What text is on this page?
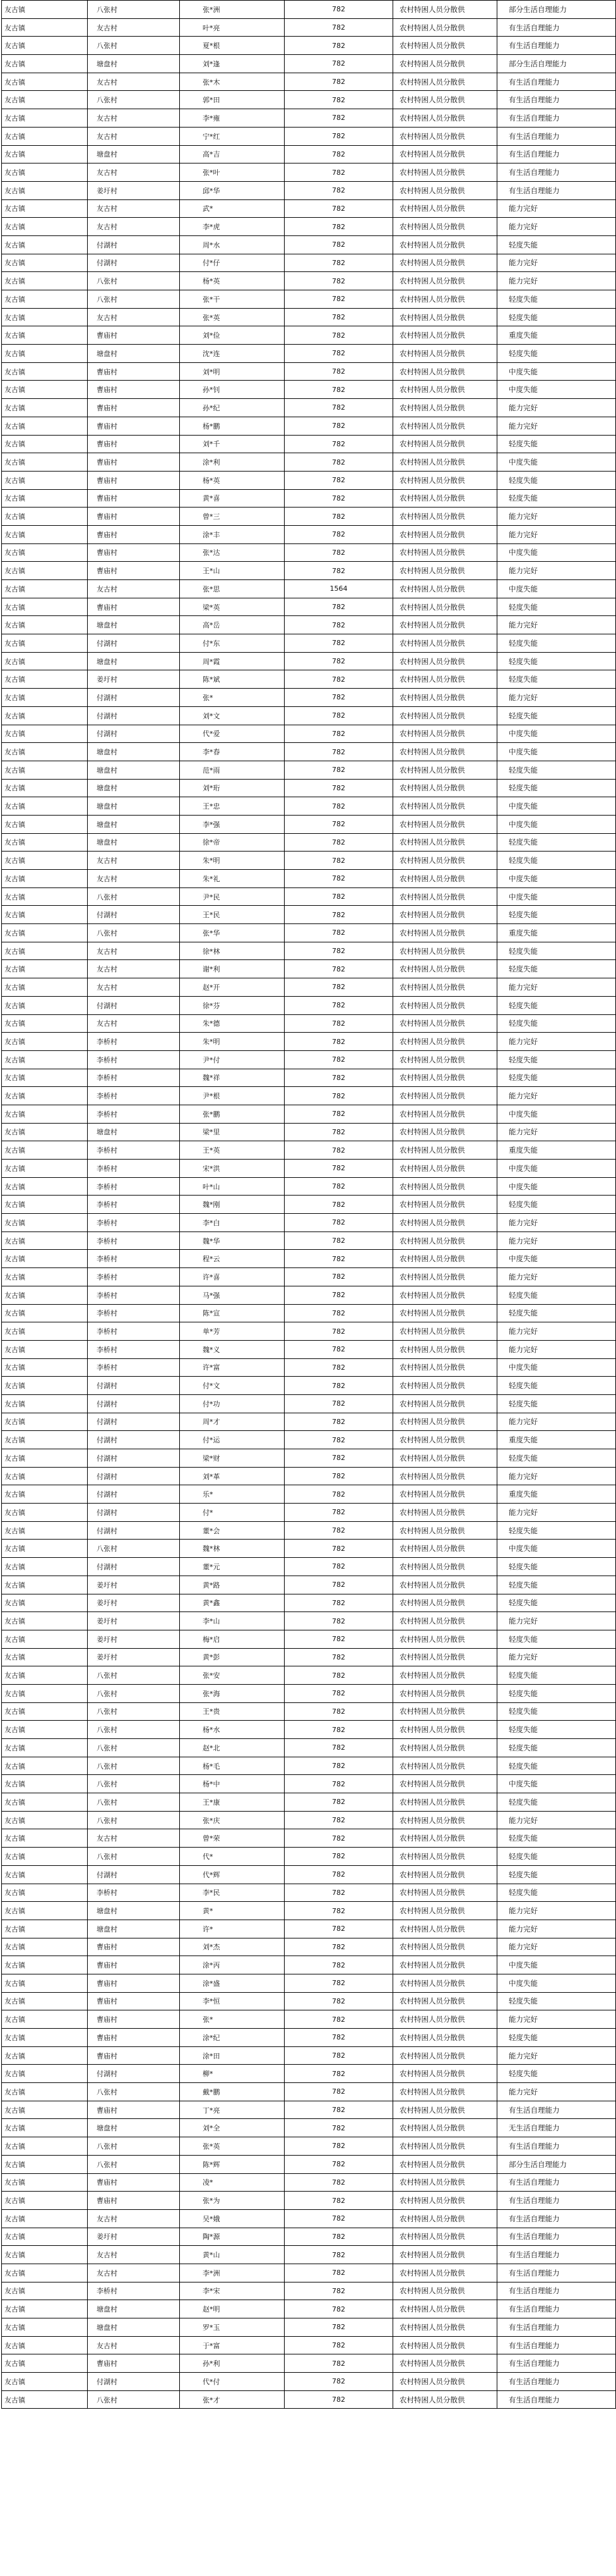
友古镇	八张村	张*洲	782	农村特困人员分散供	部分生活自理能力
友古镇	友古村	叶*亮	782	农村特困人员分散供	有生活自理能力
友古镇	八张村	夏*根	782	农村特困人员分散供	有生活自理能力
友古镇	塘盘村	刘*逢	782	农村特困人员分散供	部分生活自理能力
友古镇	友古村	张*木	782	农村特困人员分散供	有生活自理能力
友古镇	八张村	郭*田	782	农村特困人员分散供	有生活自理能力
友古镇	友古村	李*雍	782	农村特困人员分散供	有生活自理能力
友古镇	友古村	宁*红	782	农村特困人员分散供	有生活自理能力
友古镇	塘盘村	高*吉	782	农村特困人员分散供	有生活自理能力
友古镇	友古村	张*叶	782	农村特困人员分散供	有生活自理能力
友古镇	姜圩村	邱*华	782	农村特困人员分散供	有生活自理能力
友古镇	友古村	武*	782	农村特困人员分散供	能力完好
友古镇	友古村	李*虎	782	农村特困人员分散供	能力完好
友古镇	付湖村	周*水	782	农村特困人员分散供	轻度失能
友古镇	付湖村	付*仔	782	农村特困人员分散供	能力完好
友古镇	八张村	杨*英	782	农村特困人员分散供	能力完好
友古镇	八张村	张*干	782	农村特困人员分散供	轻度失能
友古镇	友古村	张*英	782	农村特困人员分散供	轻度失能
友古镇	曹庙村	刘*俭	782	农村特困人员分散供	重度失能
友古镇	塘盘村	沈*连	782	农村特困人员分散供	轻度失能
友古镇	曹庙村	刘*明	782	农村特困人员分散供	中度失能
友古镇	曹庙村	孙*钊	782	农村特困人员分散供	中度失能
友古镇	曹庙村	孙*纪	782	农村特困人员分散供	能力完好
友古镇	曹庙村	杨*鹏	782	农村特困人员分散供	能力完好
友古镇	曹庙村	刘*千	782	农村特困人员分散供	轻度失能
友古镇	曹庙村	涂*利	782	农村特困人员分散供	中度失能
友古镇	曹庙村	杨*英	782	农村特困人员分散供	轻度失能
友古镇	曹庙村	黄*喜	782	农村特困人员分散供	轻度失能
友古镇	曹庙村	曾*三	782	农村特困人员分散供	能力完好
友古镇	曹庙村	涂*丰	782	农村特困人员分散供	能力完好
友古镇	曹庙村	张*达	782	农村特困人员分散供	中度失能
友古镇	曹庙村	王*山	782	农村特困人员分散供	能力完好
友古镇	友古村	张*思	1564	农村特困人员分散供	中度失能
友古镇	曹庙村	梁*英	782	农村特困人员分散供	轻度失能
友古镇	塘盘村	高*岳	782	农村特困人员分散供	能力完好
友古镇	付湖村	付*东	782	农村特困人员分散供	轻度失能
友古镇	塘盘村	周*霞	782	农村特困人员分散供	轻度失能
友古镇	姜圩村	陈*斌	782	农村特困人员分散供	轻度失能
友古镇	付湖村	张*	782	农村特困人员分散供	能力完好
友古镇	付湖村	刘*文	782	农村特困人员分散供	轻度失能
友古镇	付湖村	代*爱	782	农村特困人员分散供	中度失能
友古镇	塘盘村	李*春	782	农村特困人员分散供	中度失能
友古镇	塘盘村	范*雨	782	农村特困人员分散供	轻度失能
友古镇	塘盘村	刘*珩	782	农村特困人员分散供	轻度失能
友古镇	塘盘村	王*忠	782	农村特困人员分散供	中度失能
友古镇	塘盘村	李*强	782	农村特困人员分散供	中度失能
友古镇	塘盘村	徐*帝	782	农村特困人员分散供	轻度失能
友古镇	友古村	朱*明	782	农村特困人员分散供	轻度失能
友古镇	友古村	朱*礼	782	农村特困人员分散供	中度失能
友古镇	八张村	尹*民	782	农村特困人员分散供	中度失能
友古镇	付湖村	王*民	782	农村特困人员分散供	轻度失能
友古镇	八张村	张*华	782	农村特困人员分散供	重度失能
友古镇	友古村	徐*林	782	农村特困人员分散供	轻度失能
友古镇	友古村	谢*利	782	农村特困人员分散供	轻度失能
友古镇	友古村	赵*开	782	农村特困人员分散供	能力完好
友古镇	付湖村	徐*芬	782	农村特困人员分散供	轻度失能
友古镇	友古村	朱*德	782	农村特困人员分散供	轻度失能
友古镇	李桥村	朱*明	782	农村特困人员分散供	能力完好
友古镇	李桥村	尹*付	782	农村特困人员分散供	轻度失能
友古镇	李桥村	魏*祥	782	农村特困人员分散供	轻度失能
友古镇	李桥村	尹*根	782	农村特困人员分散供	能力完好
友古镇	李桥村	张*鹏	782	农村特困人员分散供	中度失能
友古镇	塘盘村	梁*里	782	农村特困人员分散供	能力完好
友古镇	李桥村	王*英	782	农村特困人员分散供	重度失能
友古镇	李桥村	宋*洪	782	农村特困人员分散供	中度失能
友古镇	李桥村	叶*山	782	农村特困人员分散供	中度失能
友古镇	李桥村	魏*刚	782	农村特困人员分散供	轻度失能
友古镇	李桥村	李*白	782	农村特困人员分散供	能力完好
友古镇	李桥村	魏*华	782	农村特困人员分散供	能力完好
友古镇	李桥村	程*云	782	农村特困人员分散供	中度失能
友古镇	李桥村	许*喜	782	农村特困人员分散供	能力完好
友古镇	李桥村	马*强	782	农村特困人员分散供	轻度失能
友古镇	李桥村	陈*宣	782	农村特困人员分散供	轻度失能
友古镇	李桥村	单*芳	782	农村特困人员分散供	能力完好
友古镇	李桥村	魏*义	782	农村特困人员分散供	能力完好
友古镇	李桥村	许*富	782	农村特困人员分散供	中度失能
友古镇	付湖村	付*文	782	农村特困人员分散供	轻度失能
友古镇	付湖村	付*功	782	农村特困人员分散供	轻度失能
友古镇	付湖村	周*才	782	农村特困人员分散供	能力完好
友古镇	付湖村	付*运	782	农村特困人员分散供	重度失能
友古镇	付湖村	梁*财	782	农村特困人员分散供	轻度失能
友古镇	付湖村	刘*革	782	农村特困人员分散供	能力完好
友古镇	付湖村	乐*	782	农村特困人员分散供	重度失能
友古镇	付湖村	付*	782	农村特困人员分散供	能力完好
友古镇	付湖村	董*会	782	农村特困人员分散供	轻度失能
友古镇	八张村	魏*林	782	农村特困人员分散供	中度失能
友古镇	付湖村	董*元	782	农村特困人员分散供	轻度失能
友古镇	姜圩村	黄*路	782	农村特困人员分散供	轻度失能
友古镇	姜圩村	黄*鑫	782	农村特困人员分散供	轻度失能
友古镇	姜圩村	李*山	782	农村特困人员分散供	能力完好
友古镇	姜圩村	梅*启	782	农村特困人员分散供	轻度失能
友古镇	姜圩村	黄*彭	782	农村特困人员分散供	能力完好
友古镇	八张村	张*安	782	农村特困人员分散供	轻度失能
友古镇	八张村	张*海	782	农村特困人员分散供	轻度失能
友古镇	八张村	王*贵	782	农村特困人员分散供	轻度失能
友古镇	八张村	杨*水	782	农村特困人员分散供	轻度失能
友古镇	八张村	赵*北	782	农村特困人员分散供	轻度失能
友古镇	八张村	杨*毛	782	农村特困人员分散供	轻度失能
友古镇	八张村	杨*中	782	农村特困人员分散供	中度失能
友古镇	八张村	王*康	782	农村特困人员分散供	轻度失能
友古镇	八张村	张*庆	782	农村特困人员分散供	能力完好
友古镇	友古村	曾*荣	782	农村特困人员分散供	轻度失能
友古镇	八张村	代*	782	农村特困人员分散供	轻度失能
友古镇	付湖村	代*辉	782	农村特困人员分散供	轻度失能
友古镇	李桥村	李*民	782	农村特困人员分散供	轻度失能
友古镇	塘盘村	黄*	782	农村特困人员分散供	能力完好
友古镇	塘盘村	许*	782	农村特困人员分散供	能力完好
友古镇	曹庙村	刘*杰	782	农村特困人员分散供	能力完好
友古镇	曹庙村	涂*丙	782	农村特困人员分散供	中度失能
友古镇	曹庙村	涂*盛	782	农村特困人员分散供	中度失能
友古镇	曹庙村	李*恒	782	农村特困人员分散供	轻度失能
友古镇	曹庙村	张*	782	农村特困人员分散供	能力完好
友古镇	曹庙村	涂*纪	782	农村特困人员分散供	轻度失能
友古镇	曹庙村	涂*田	782	农村特困人员分散供	能力完好
友古镇	付湖村	柳*	782	农村特困人员分散供	轻度失能
友古镇	八张村	戴*鹏	782	农村特困人员分散供	能力完好
友古镇	曹庙村	丁*亮	782	农村特困人员分散供	有生活自理能力
友古镇	塘盘村	刘*全	782	农村特困人员分散供	无生活自理能力
友古镇	八张村	张*英	782	农村特困人员分散供	有生活自理能力
友古镇	八张村	陈*辉	782	农村特困人员分散供	部分生活自理能力
友古镇	曹庙村	凌*	782	农村特困人员分散供	有生活自理能力
友古镇	曹庙村	张*为	782	农村特困人员分散供	有生活自理能力
友古镇	友古村	吴*娥	782	农村特困人员分散供	有生活自理能力
友古镇	姜圩村	陶*源	782	农村特困人员分散供	有生活自理能力
友古镇	友古村	黄*山	782	农村特困人员分散供	有生活自理能力
友古镇	友古村	李*洲	782	农村特困人员分散供	有生活自理能力
友古镇	李桥村	李*宋	782	农村特困人员分散供	有生活自理能力
友古镇	塘盘村	赵*明	782	农村特困人员分散供	有生活自理能力
友古镇	塘盘村	罗*玉	782	农村特困人员分散供	有生活自理能力
友古镇	友古村	于*富	782	农村特困人员分散供	有生活自理能力
友古镇	曹庙村	孙*利	782	农村特困人员分散供	有生活自理能力
友古镇	付湖村	代*付	782	农村特困人员分散供	有生活自理能力
友古镇	八张村	张*才	782	农村特困人员分散供	有生活自理能力
